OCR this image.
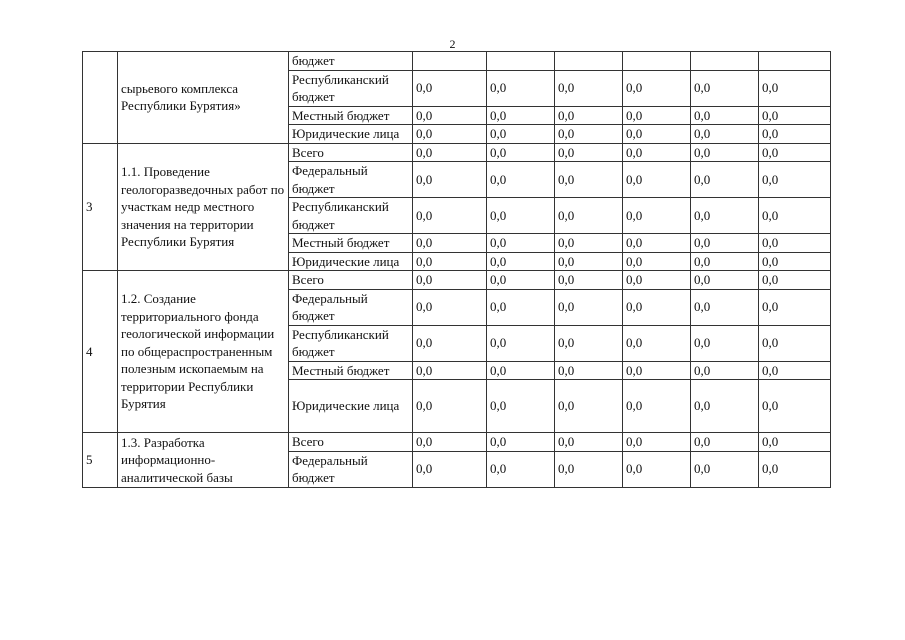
2
	сырьевого комплекса Республики Бурятия»	бюджет						
		Республиканский бюджет	0,0	0,0	0,0	0,0	0,0	0,0
		Местный бюджет	0,0	0,0	0,0	0,0	0,0	0,0
		Юридические лица	0,0	0,0	0,0	0,0	0,0	0,0
3	1.1. Проведение геологоразведочных работ по участкам недр местного значения на территории Республики Бурятия	Всего	0,0	0,0	0,0	0,0	0,0	0,0
		Федеральный бюджет	0,0	0,0	0,0	0,0	0,0	0,0
		Республиканский бюджет	0,0	0,0	0,0	0,0	0,0	0,0
		Местный бюджет	0,0	0,0	0,0	0,0	0,0	0,0
		Юридические лица	0,0	0,0	0,0	0,0	0,0	0,0
4	1.2. Создание территориального фонда геологической информации по общераспространенным полезным ископаемым на территории Республики Бурятия	Всего	0,0	0,0	0,0	0,0	0,0	0,0
		Федеральный бюджет	0,0	0,0	0,0	0,0	0,0	0,0
		Республиканский бюджет	0,0	0,0	0,0	0,0	0,0	0,0
		Местный бюджет	0,0	0,0	0,0	0,0	0,0	0,0
		Юридические лица	0,0	0,0	0,0	0,0	0,0	0,0
5	1.3. Разработка информационно-аналитической базы	Всего	0,0	0,0	0,0	0,0	0,0	0,0
		Федеральный бюджет	0,0	0,0	0,0	0,0	0,0	0,0
